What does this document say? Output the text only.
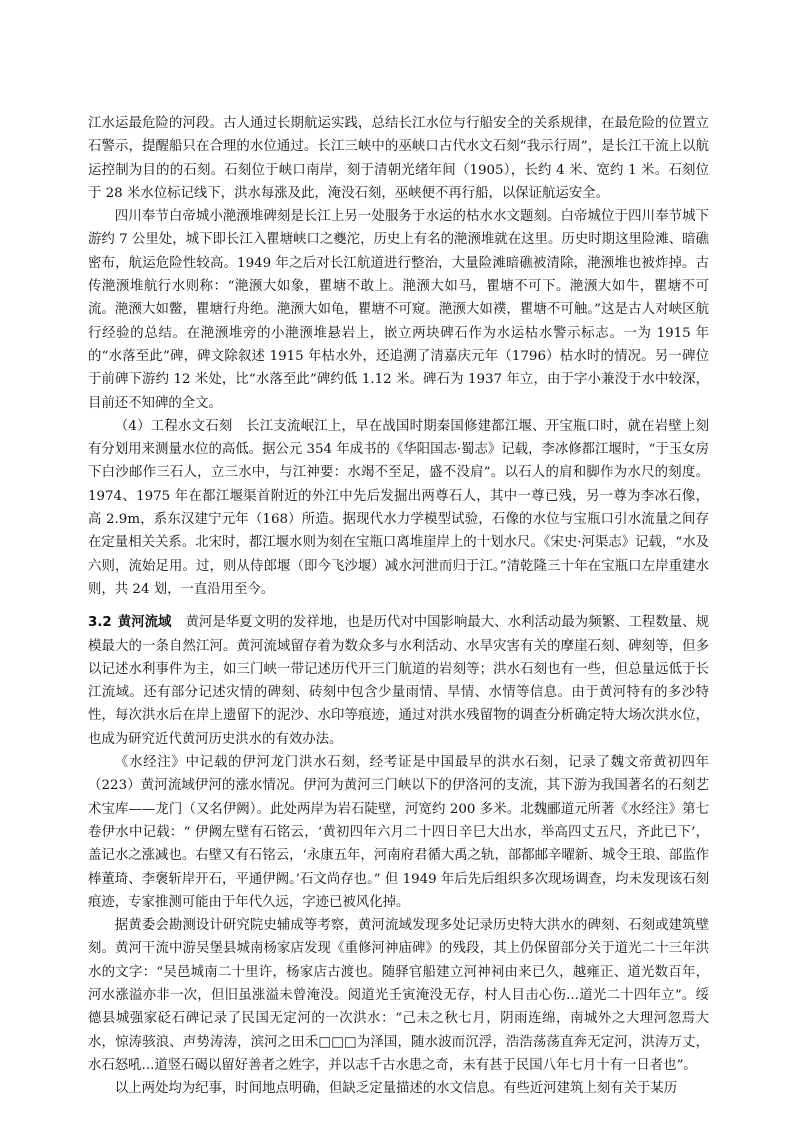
江水运最危险的河段。古人通过长期航运实践，总结长江水位与行船安全的关系规律，在最危险的位置立石警示，提醒船只在合理的水位通过。长江三峡中的巫峡口古代水文石刻“我示行周”，是长江干流上以航运控制为目的的石刻。石刻位于峡口南岸，刻于清朝光绪年间（1905），长约 4 米、宽约 1 米。石刻位于 28 米水位标记线下，洪水每涨及此，淹没石刻，巫峡便不再行船，以保证航运安全。

四川奉节白帝城小滟滪堆碑刻是长江上另一处服务于水运的枯水水文题刻。白帝城位于四川奉节城下游约 7 公里处，城下即长江入瞿塘峡口之夔沱，历史上有名的滟滪堆就在这里。历史时期这里险滩、暗礁密布，航运危险性较高。1949 年之后对长江航道进行整治，大量险滩暗礁被清除，滟滪堆也被炸掉。古传滟滪堆航行水则称：“滟滪大如象，瞿塘不敢上。滟滪大如马，瞿塘不可下。滟滪大如牛，瞿塘不可流。滟滪大如鳖，瞿塘行舟绝。滟滪大如龟，瞿塘不可窥。滟滪大如襆，瞿塘不可触。”这是古人对峡区航行经验的总结。在滟滪堆旁的小滟滪堆悬岩上，嵌立两块碑石作为水运枯水警示标志。一为 1915 年的“水落至此”碑，碑文除叙述 1915 年枯水外，还追溯了清嘉庆元年（1796）枯水时的情况。另一碑位于前碑下游约 12 米处，比“水落至此”碑约低 1.12 米。碑石为 1937 年立，由于字小兼没于水中较深，目前还不知碑的全文。

（4）工程水文石刻　长江支流岷江上，早在战国时期秦国修建都江堰、开宝瓶口时，就在岩壁上刻有分划用来测量水位的高低。据公元 354 年成书的《华阳国志·蜀志》记载，李冰修都江堰时，“于玉女房下白沙邮作三石人，立三水中，与江神要：水竭不至足，盛不没肩”。以石人的肩和脚作为水尺的刻度。1974、1975 年在都江堰渠首附近的外江中先后发掘出两尊石人，其中一尊已残，另一尊为李冰石像，高 2.9m，系东汉建宁元年（168）所造。据现代水力学模型试验，石像的水位与宝瓶口引水流量之间存在定量相关关系。北宋时，都江堰水则为刻在宝瓶口离堆崖岸上的十划水尺。《宋史·河渠志》记载，“水及六则，流始足用。过，则从侍郎堰（即今飞沙堰）减水河泄而归于江。”清乾隆三十年在宝瓶口左岸重建水则，共 24 划，一直沿用至今。

3.2 黄河流域 黄河是华夏文明的发祥地，也是历代对中国影响最大、水利活动最为频繁、工程数量、规模最大的一条自然江河。黄河流域留存着为数众多与水利活动、水旱灾害有关的摩崖石刻、碑刻等，但多以记述水利事件为主，如三门峡一带记述历代开三门航道的岩刻等；洪水石刻也有一些，但总量远低于长江流域。还有部分记述灾情的碑刻、砖刻中包含少量雨情、旱情、水情等信息。由于黄河特有的多沙特性，每次洪水后在岸上遗留下的泥沙、水印等痕迹，通过对洪水残留物的调查分析确定特大场次洪水位，也成为研究近代黄河历史洪水的有效办法。

《水经注》中记载的伊河龙门洪水石刻，经考证是中国最早的洪水石刻，记录了魏文帝黄初四年（223）黄河流域伊河的涨水情况。伊河为黄河三门峡以下的伊洛河的支流，其下游为我国著名的石刻艺术宝库——龙门（又名伊阙）。此处两岸为岩石陡壁，河宽约 200 多米。北魏郦道元所著《水经注》第七卷伊水中记载：“ 伊阙左壁有石铭云，‘黄初四年六月二十四日辛巳大出水，举高四丈五尺，齐此已下’，盖记水之涨减也。右壁又有石铭云，‘永康五年，河南府君循大禹之轨，部都邮辛曜新、城令王琅、部监作棒董琦、李褒斩岸开石，平通伊阙。’石文尚存也。” 但 1949 年后先后组织多次现场调查，均未发现该石刻痕迹，专家推测可能由于年代久远，字迹已被风化掉。

据黄委会勘测设计研究院史辅成等考察，黄河流域发现多处记录历史特大洪水的碑刻、石刻或建筑壁刻。黄河干流中游吴堡县城南杨家店发现《重修河神庙碑》的残段，其上仍保留部分关于道光二十三年洪水的文字：“吴邑城南二十里许，杨家店古渡也。随驿官船建立河神祠由来已久，越雍正、道光数百年，河水涨溢亦非一次，但旧虽涨溢未曾淹没。阅道光壬寅淹没无存，村人目击心伤...道光二十四年立”。绥德县城强家砭石碑记录了民国无定河的一次洪水：“己未之秋七月，阴雨连绵，南城外之大理河忽焉大水，惊涛骇浪、声势涛涛，滨河之田禾□□□为泽国，随水波而沉浮，浩浩荡荡直奔无定河，洪涛万丈，水石怒吼...道竖石碣以留好善者之姓字，并以志千古水患之奇，未有甚于民国八年七月十有一日者也”。

以上两处均为纪事，时间地点明确，但缺乏定量描述的水文信息。有些近河建筑上刻有关于某历
